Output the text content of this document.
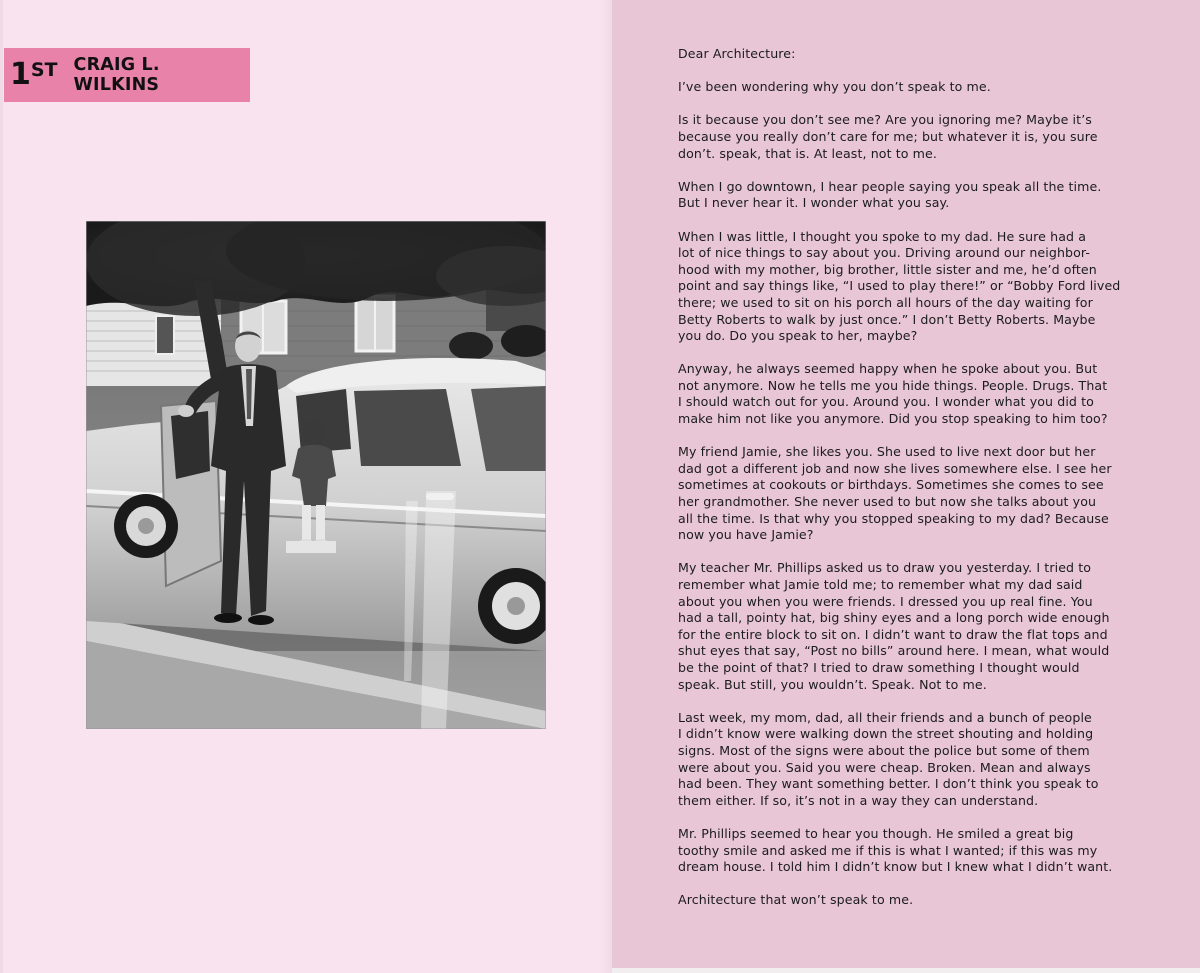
1 ST CRAIG L. WILKINS

Dear Architecture:

I’ve been wondering why you don’t speak to me.

Is it because you don’t see me? Are you ignoring me? Maybe it’s
because you really don’t care for me; but whatever it is, you sure
don’t. speak, that is. At least, not to me.

When I go downtown, I hear people saying you speak all the time.
But I never hear it. I wonder what you say.

When I was little, I thought you spoke to my dad. He sure had a
lot of nice things to say about you. Driving around our neighbor-
hood with my mother, big brother, little sister and me, he’d often
point and say things like, “I used to play there!” or “Bobby Ford lived
there; we used to sit on his porch all hours of the day waiting for
Betty Roberts to walk by just once.” I don’t Betty Roberts. Maybe
you do. Do you speak to her, maybe?

Anyway, he always seemed happy when he spoke about you. But
not anymore. Now he tells me you hide things. People. Drugs. That
I should watch out for you. Around you. I wonder what you did to
make him not like you anymore. Did you stop speaking to him too?

My friend Jamie, she likes you. She used to live next door but her
dad got a different job and now she lives somewhere else. I see her
sometimes at cookouts or birthdays. Sometimes she comes to see
her grandmother. She never used to but now she talks about you
all the time. Is that why you stopped speaking to my dad? Because
now you have Jamie?

My teacher Mr. Phillips asked us to draw you yesterday. I tried to
remember what Jamie told me; to remember what my dad said
about you when you were friends. I dressed you up real fine. You
had a tall, pointy hat, big shiny eyes and a long porch wide enough
for the entire block to sit on. I didn’t want to draw the flat tops and
shut eyes that say, “Post no bills” around here. I mean, what would
be the point of that? I tried to draw something I thought would
speak. But still, you wouldn’t. Speak. Not to me.

Last week, my mom, dad, all their friends and a bunch of people
I didn’t know were walking down the street shouting and holding
signs. Most of the signs were about the police but some of them
were about you. Said you were cheap. Broken. Mean and always
had been. They want something better. I don’t think you speak to
them either. If so, it’s not in a way they can understand.

Mr. Phillips seemed to hear you though. He smiled a great big
toothy smile and asked me if this is what I wanted; if this was my
dream house. I told him I didn’t know but I knew what I didn’t want.

Architecture that won’t speak to me.
